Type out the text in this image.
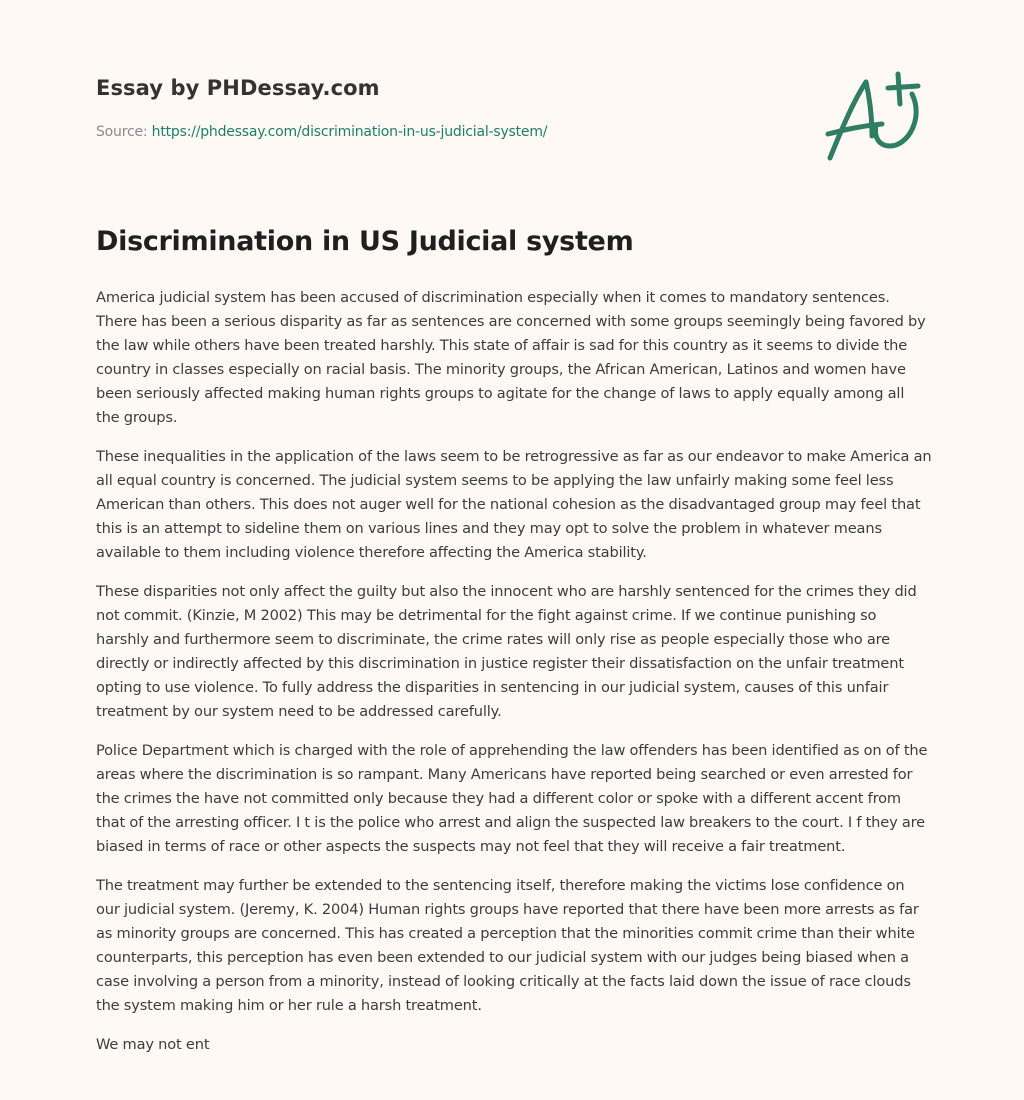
Essay by PHDessay.com
Source: https://phdessay.com/discrimination-in-us-judicial-system/
Discrimination in US Judicial system

America judicial system has been accused of discrimination especially when it comes to mandatory sentences. There has been a serious disparity as far as sentences are concerned with some groups seemingly being favored by the law while others have been treated harshly. This state of affair is sad for this country as it seems to divide the country in classes especially on racial basis. The minority groups, the African American, Latinos and women have been seriously affected making human rights groups to agitate for the change of laws to apply equally among all the groups.

These inequalities in the application of the laws seem to be retrogressive as far as our endeavor to make America an all equal country is concerned. The judicial system seems to be applying the law unfairly making some feel less American than others. This does not auger well for the national cohesion as the disadvantaged group may feel that this is an attempt to sideline them on various lines and they may opt to solve the problem in whatever means available to them including violence therefore affecting the America stability.

These disparities not only affect the guilty but also the innocent who are harshly sentenced for the crimes they did not commit. (Kinzie, M 2002) This may be detrimental for the fight against crime. If we continue punishing so harshly and furthermore seem to discriminate, the crime rates will only rise as people especially those who are directly or indirectly affected by this discrimination in justice register their dissatisfaction on the unfair treatment opting to use violence. To fully address the disparities in sentencing in our judicial system, causes of this unfair treatment by our system need to be addressed carefully.

Police Department which is charged with the role of apprehending the law offenders has been identified as on of the areas where the discrimination is so rampant. Many Americans have reported being searched or even arrested for the crimes the have not committed only because they had a different color or spoke with a different accent from that of the arresting officer. I t is the police who arrest and align the suspected law breakers to the court. I f they are biased in terms of race or other aspects the suspects may not feel that they will receive a fair treatment.

The treatment may further be extended to the sentencing itself, therefore making the victims lose confidence on our judicial system. (Jeremy, K. 2004) Human rights groups have reported that there have been more arrests as far as minority groups are concerned. This has created a perception that the minorities commit crime than their white counterparts, this perception has even been extended to our judicial system with our judges being biased when a case involving a person from a minority, instead of looking critically at the facts laid down the issue of race clouds the system making him or her rule a harsh treatment.

We may not ent
